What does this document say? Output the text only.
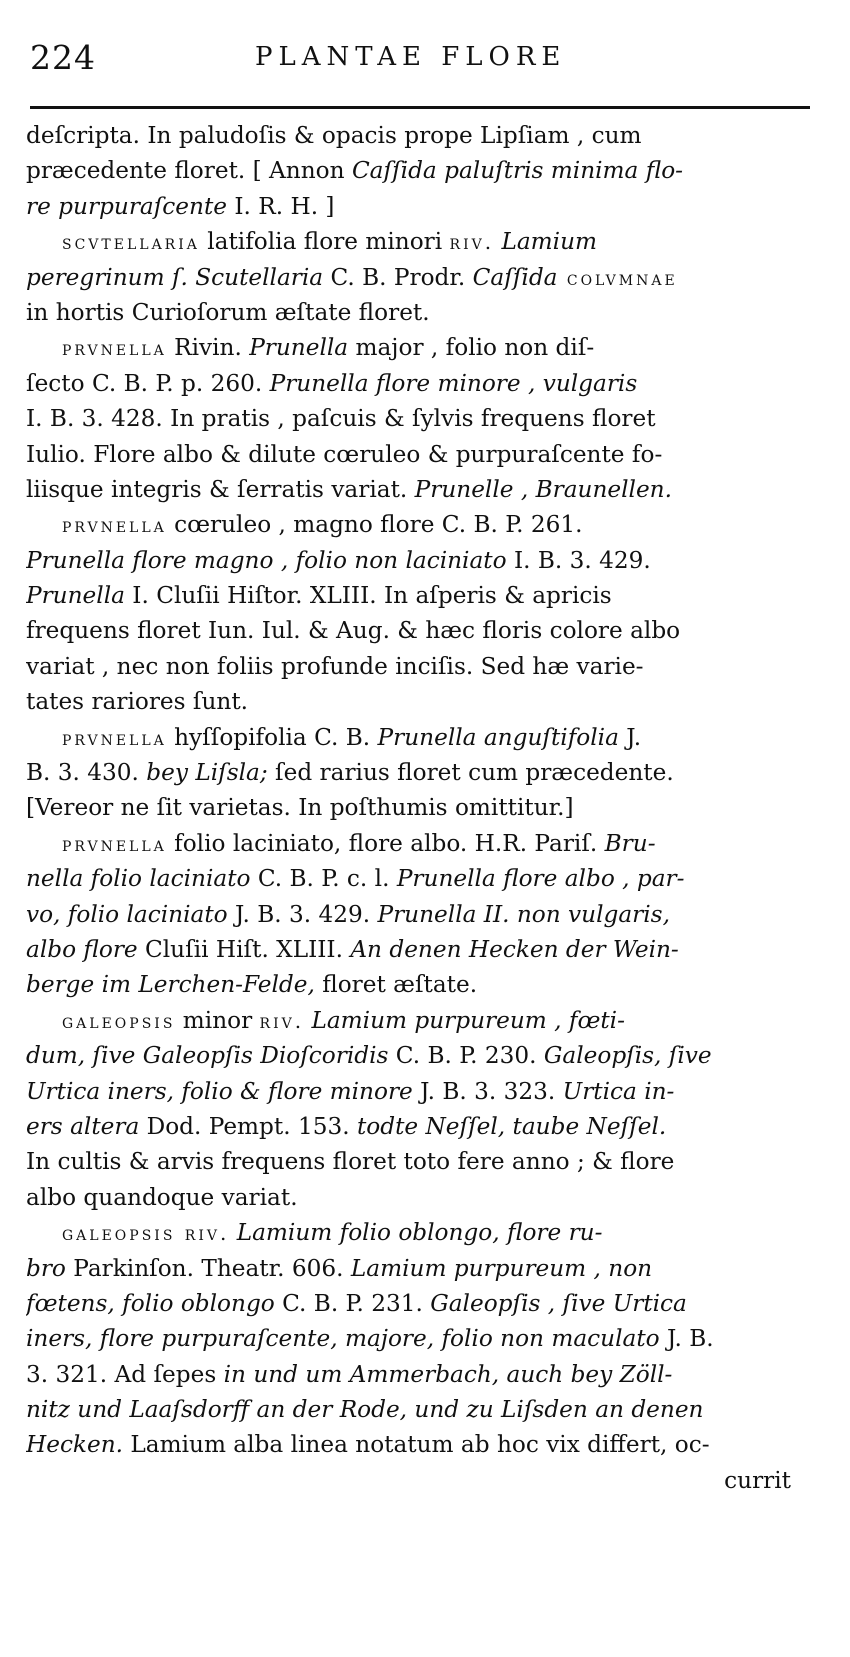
224	PLANTAE FLORE
deſcripta. In paludoſis & opacis prope Lipſiam , cum
præcedente floret. [ Annon Caſſida paluſtris minima flo-
re purpuraſcente I. R. H. ]
scvtellaria latifolia flore minori riv. Lamium
peregrinum ſ. Scutellaria C. B. Prodr. Caſſida colvmnae
in hortis Curioſorum æſtate floret.
prvnella Rivin. Prunella major , folio non diſ-
ſecto C. B. P. p. 260. Prunella flore minore , vulgaris
I. B. 3. 428. In pratis , paſcuis & ſylvis frequens floret
Iulio. Flore albo & dilute cœruleo & purpuraſcente fo-
liisque integris & ſerratis variat. Prunelle , Braunellen.
prvnella cœruleo , magno flore C. B. P. 261.
Prunella flore magno , folio non laciniato I. B. 3. 429.
Prunella I. Cluſii Hiſtor. XLIII. In aſperis & apricis
frequens floret Iun. Iul. & Aug. & hæc floris colore albo
variat , nec non foliis profunde inciſis. Sed hæ varie-
tates rariores ſunt.
prvnella hyſſopifolia C. B. Prunella anguſtifolia J.
B. 3. 430. bey Liſsla; ſed rarius floret cum præcedente.
[Vereor ne ſit varietas. In poſthumis omittitur.]
prvnella folio laciniato, flore albo. H.R. Pariſ. Bru-
nella folio laciniato C. B. P. c. l. Prunella flore albo , par-
vo, folio laciniato J. B. 3. 429. Prunella II. non vulgaris,
albo flore Cluſii Hiſt. XLIII. An denen Hecken der Wein-
berge im Lerchen-Felde, floret æſtate.
galeopsis minor riv. Lamium purpureum , fœti-
dum, ſive Galeopſis Dioſcoridis C. B. P. 230. Galeopſis, ſive
Urtica iners, folio & flore minore J. B. 3. 323. Urtica in-
ers altera Dod. Pempt. 153. todte Neſſel, taube Neſſel.
In cultis & arvis frequens floret toto fere anno ; & flore
albo quandoque variat.
galeopsis riv. Lamium folio oblongo, flore ru-
bro Parkinſon. Theatr. 606. Lamium purpureum , non
fœtens, folio oblongo C. B. P. 231. Galeopſis , ſive Urtica
iners, flore purpuraſcente, majore, folio non maculato J. B.
3. 321. Ad ſepes in und um Ammerbach, auch bey Zöll-
nitz und Laaſsdorff an der Rode, und zu Liſsden an denen
Hecken. Lamium alba linea notatum ab hoc vix differt, oc-
currit
